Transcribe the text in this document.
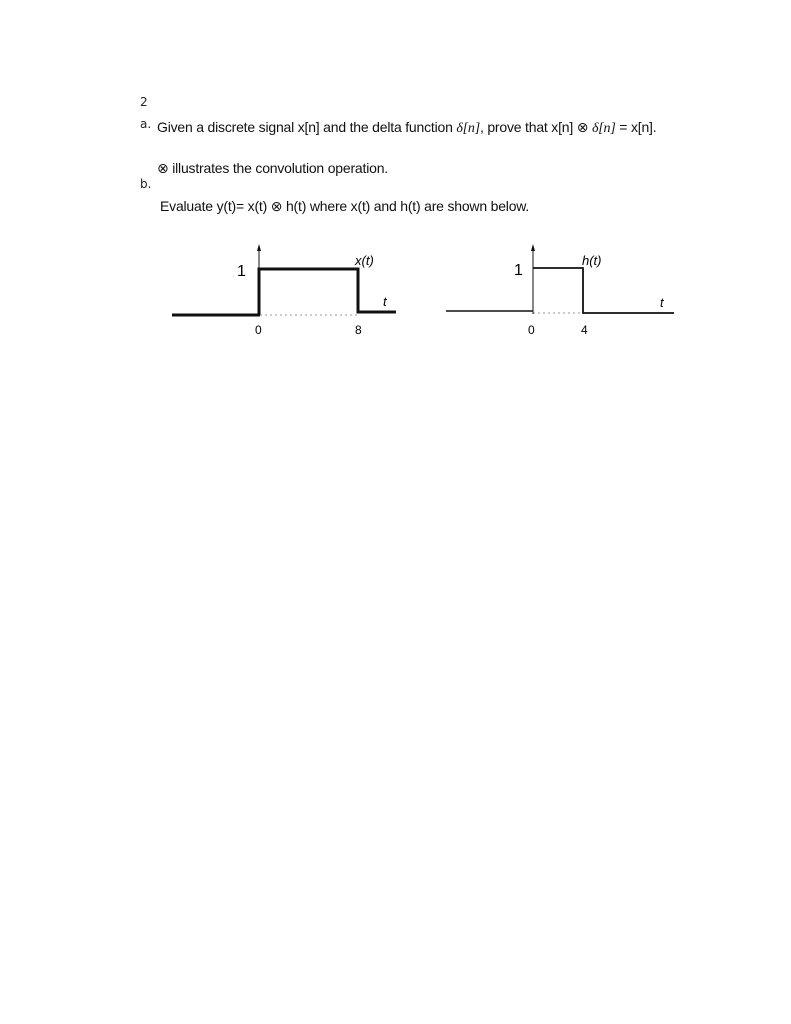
2
a. Given a discrete signal x[n] and the delta function δ[n], prove that x[n] ⊗ δ[n] = x[n].
⊗ illustrates the convolution operation.
b.
Evaluate y(t)= x(t) ⊗ h(t) where x(t) and h(t) are shown below.
1
x(t)
t
0	8
1
h(t)
t
0	4
